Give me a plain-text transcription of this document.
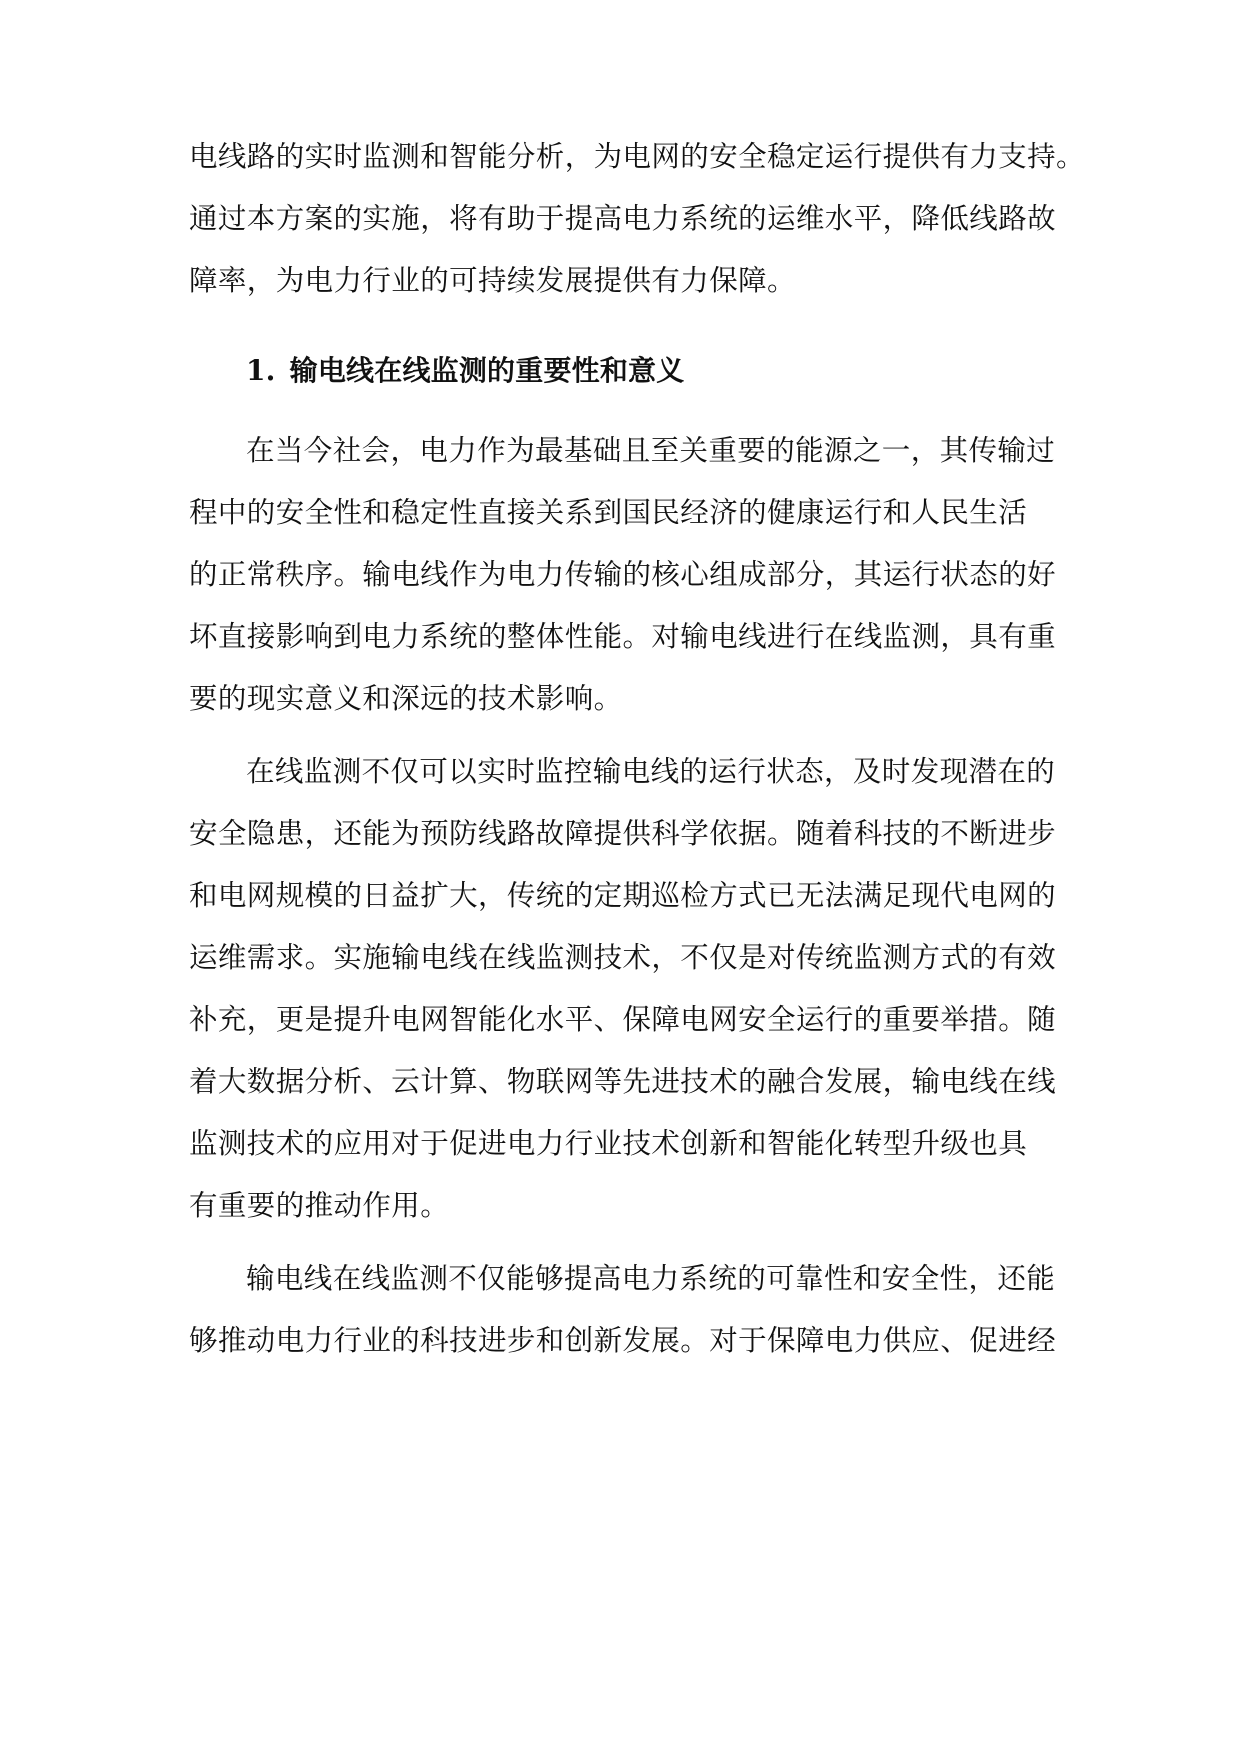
电线路的实时监测和智能分析，为电网的安全稳定运行提供有力支持。
通过本方案的实施，将有助于提高电力系统的运维水平，降低线路故
障率，为电力行业的可持续发展提供有力保障。
1. 输电线在线监测的重要性和意义
在当今社会，电力作为最基础且至关重要的能源之一，其传输过
程中的安全性和稳定性直接关系到国民经济的健康运行和人民生活
的正常秩序。输电线作为电力传输的核心组成部分，其运行状态的好
坏直接影响到电力系统的整体性能。对输电线进行在线监测，具有重
要的现实意义和深远的技术影响。
在线监测不仅可以实时监控输电线的运行状态，及时发现潜在的
安全隐患，还能为预防线路故障提供科学依据。随着科技的不断进步
和电网规模的日益扩大，传统的定期巡检方式已无法满足现代电网的
运维需求。实施输电线在线监测技术，不仅是对传统监测方式的有效
补充，更是提升电网智能化水平、保障电网安全运行的重要举措。随
着大数据分析、云计算、物联网等先进技术的融合发展，输电线在线
监测技术的应用对于促进电力行业技术创新和智能化转型升级也具
有重要的推动作用。
输电线在线监测不仅能够提高电力系统的可靠性和安全性，还能
够推动电力行业的科技进步和创新发展。对于保障电力供应、促进经
